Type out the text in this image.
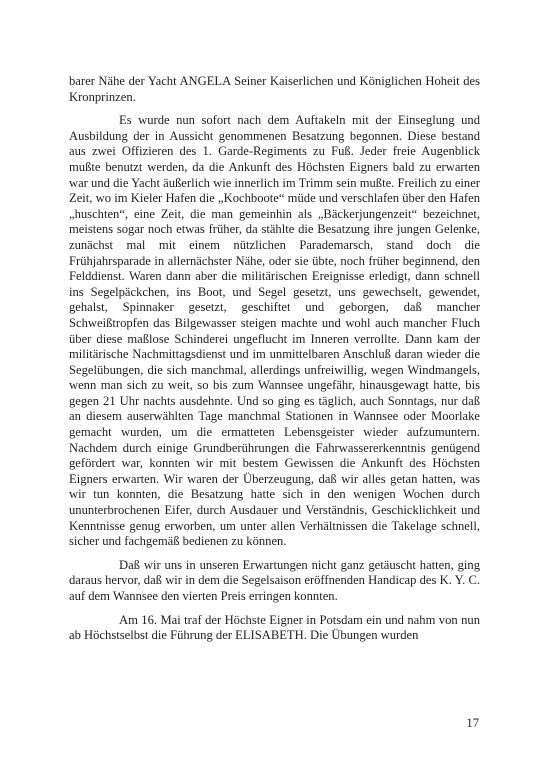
barer Nähe der Yacht ANGELA Seiner Kaiserlichen und Königlichen Hoheit des Kronprinzen.

Es wurde nun sofort nach dem Auftakeln mit der Einseglung und Ausbildung der in Aussicht genommenen Besatzung begonnen. Diese bestand aus zwei Offizieren des 1. Garde-Regiments zu Fuß. Jeder freie Augenblick mußte benutzt werden, da die Ankunft des Höchsten Eigners bald zu erwarten war und die Yacht äußerlich wie innerlich im Trimm sein mußte. Freilich zu einer Zeit, wo im Kieler Hafen die „Kochboote“ müde und verschlafen über den Hafen „huschten“, eine Zeit, die man gemeinhin als „Bäckerjungenzeit“ bezeichnet, meistens sogar noch etwas früher, da stählte die Besatzung ihre jungen Gelenke, zunächst mal mit einem nützlichen Parademarsch, stand doch die Frühjahrsparade in allernächster Nähe, oder sie übte, noch früher beginnend, den Felddienst. Waren dann aber die militärischen Ereignisse erledigt, dann schnell ins Segelpäckchen, ins Boot, und Segel gesetzt, uns gewechselt, gewendet, gehalst, Spinnaker gesetzt, geschiftet und geborgen, daß mancher Schweißtropfen das Bilgewasser steigen machte und wohl auch mancher Fluch über diese maßlose Schinderei ungeflucht im Inneren verrollte. Dann kam der militärische Nachmittagsdienst und im unmittelbaren Anschluß daran wieder die Segelübungen, die sich manchmal, allerdings unfreiwillig, wegen Windmangels, wenn man sich zu weit, so bis zum Wannsee ungefähr, hinausgewagt hatte, bis gegen 21 Uhr nachts ausdehnte. Und so ging es täglich, auch Sonntags, nur daß an diesem auserwählten Tage manchmal Stationen in Wannsee oder Moorlake gemacht wurden, um die ermatteten Lebensgeister wieder aufzumuntern. Nachdem durch einige Grundberührungen die Fahrwassererkenntnis genügend gefördert war, konnten wir mit bestem Gewissen die Ankunft des Höchsten Eigners erwarten. Wir waren der Überzeugung, daß wir alles getan hatten, was wir tun konnten, die Besatzung hatte sich in den wenigen Wochen durch ununterbrochenen Eifer, durch Ausdauer und Verständnis, Geschicklichkeit und Kenntnisse genug erworben, um unter allen Verhältnissen die Takelage schnell, sicher und fachgemäß bedienen zu können.

Daß wir uns in unseren Erwartungen nicht ganz getäuscht hatten, ging daraus hervor, daß wir in dem die Segelsaison eröffnenden Handicap des K. Y. C. auf dem Wannsee den vierten Preis erringen konnten.

Am 16. Mai traf der Höchste Eigner in Potsdam ein und nahm von nun ab Höchstselbst die Führung der ELISABETH. Die Übungen wurden

17
